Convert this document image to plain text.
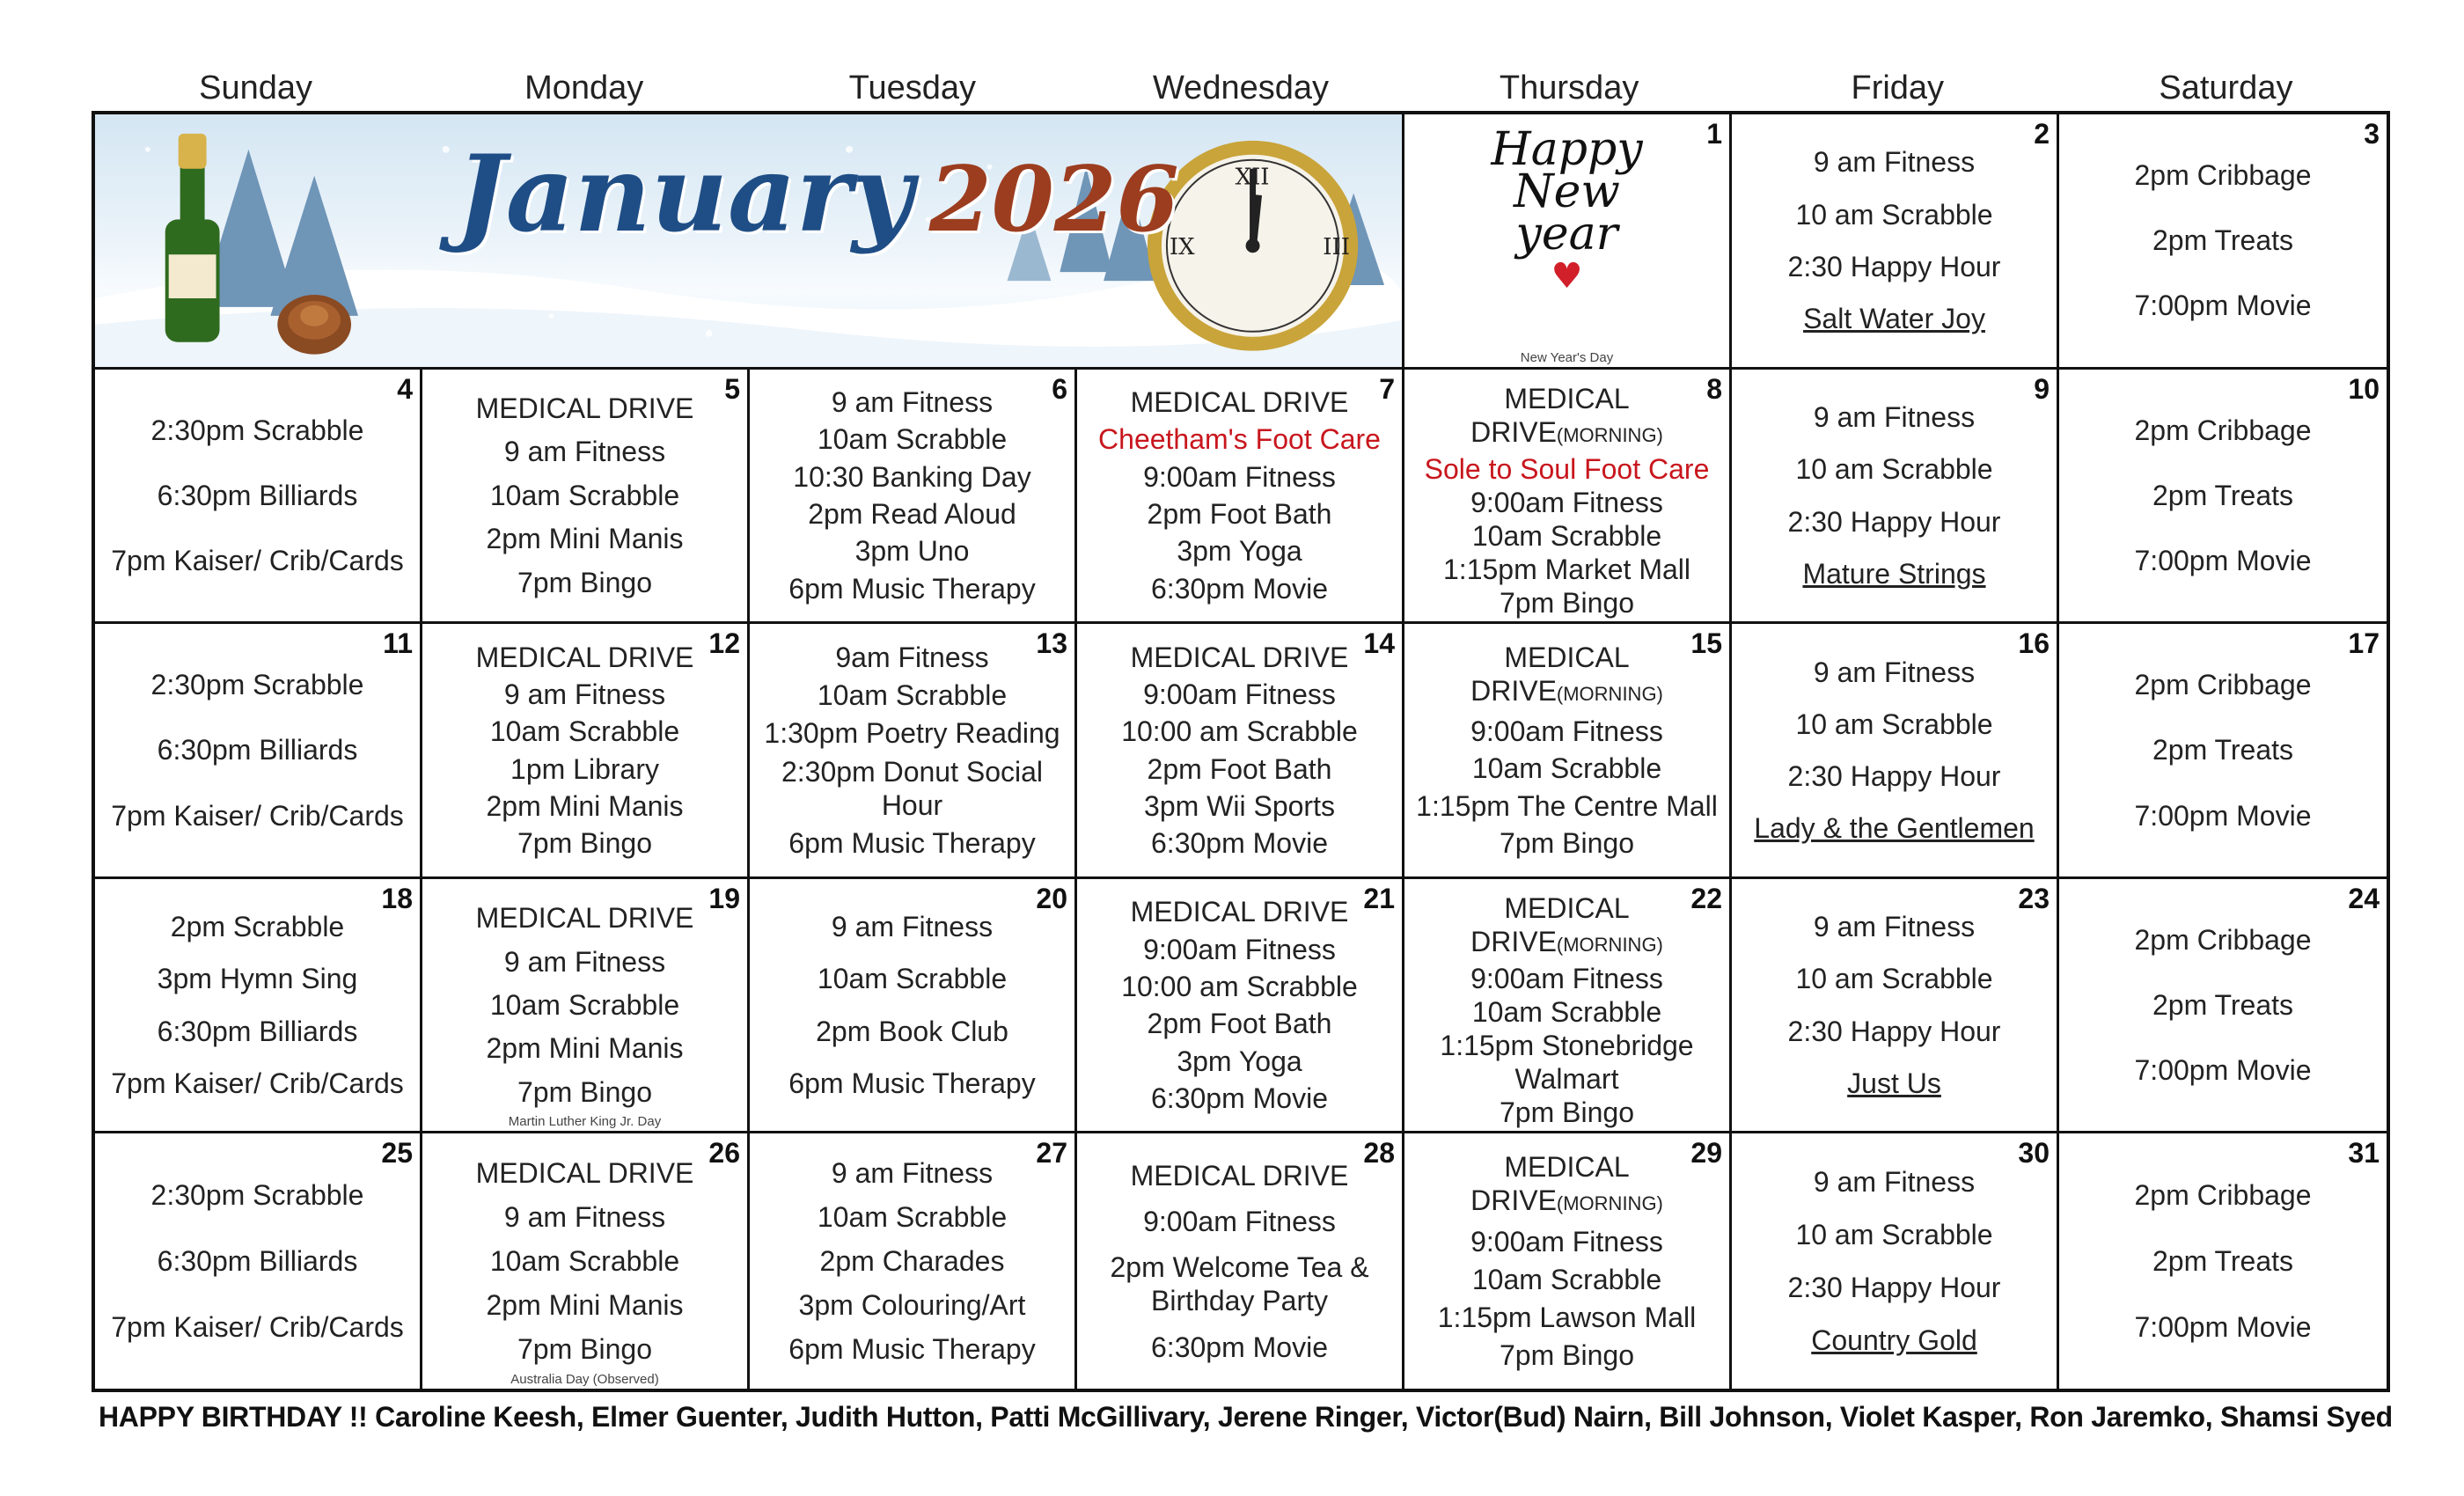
Sunday	Monday	Tuesday	Wednesday	Thursday	Friday	Saturday
XII
III
IX
January 2026
1
Happy
New
year
♥
New Year's Day
2
9 am Fitness
10 am Scrabble
2:30 Happy Hour
Salt Water Joy
3
2pm Cribbage
2pm Treats
7:00pm Movie
4
2:30pm Scrabble
6:30pm Billiards
7pm Kaiser/ Crib/Cards
5
MEDICAL DRIVE
9 am Fitness
10am Scrabble
2pm Mini Manis
7pm Bingo
6
9 am Fitness
10am Scrabble
10:30 Banking Day
2pm Read Aloud
3pm Uno
6pm Music Therapy
7
MEDICAL DRIVE
Cheetham's Foot Care
9:00am Fitness
2pm Foot Bath
3pm Yoga
6:30pm Movie
8
MEDICAL DRIVE(MORNING)
Sole to Soul Foot Care
9:00am Fitness
10am Scrabble
1:15pm Market Mall
7pm Bingo
9
9 am Fitness
10 am Scrabble
2:30 Happy Hour
Mature Strings
10
2pm Cribbage
2pm Treats
7:00pm Movie
11
2:30pm Scrabble
6:30pm Billiards
7pm Kaiser/ Crib/Cards
12
MEDICAL DRIVE
9 am Fitness
10am Scrabble
1pm Library
2pm Mini Manis
7pm Bingo
13
9am Fitness
10am Scrabble
1:30pm Poetry Reading
2:30pm Donut Social Hour
6pm Music Therapy
14
MEDICAL DRIVE
9:00am Fitness
10:00 am Scrabble
2pm Foot Bath
3pm Wii Sports
6:30pm Movie
15
MEDICAL DRIVE(MORNING)
9:00am Fitness
10am Scrabble
1:15pm The Centre Mall
7pm Bingo
16
9 am Fitness
10 am Scrabble
2:30 Happy Hour
Lady & the Gentlemen
17
2pm Cribbage
2pm Treats
7:00pm Movie
18
2pm Scrabble
3pm Hymn Sing
6:30pm Billiards
7pm Kaiser/ Crib/Cards
19
MEDICAL DRIVE
9 am Fitness
10am Scrabble
2pm Mini Manis
7pm Bingo
Martin Luther King Jr. Day
20
9 am Fitness
10am Scrabble
2pm Book Club
6pm Music Therapy
21
MEDICAL DRIVE
9:00am Fitness
10:00 am Scrabble
2pm Foot Bath
3pm Yoga
6:30pm Movie
22
MEDICAL DRIVE(MORNING)
9:00am Fitness
10am Scrabble
1:15pm Stonebridge Walmart
7pm Bingo
23
9 am Fitness
10 am Scrabble
2:30 Happy Hour
Just Us
24
2pm Cribbage
2pm Treats
7:00pm Movie
25
2:30pm Scrabble
6:30pm Billiards
7pm Kaiser/ Crib/Cards
26
MEDICAL DRIVE
9 am Fitness
10am Scrabble
2pm Mini Manis
7pm Bingo
Australia Day (Observed)
27
9 am Fitness
10am Scrabble
2pm Charades
3pm Colouring/Art
6pm Music Therapy
28
MEDICAL DRIVE
9:00am Fitness
2pm Welcome Tea & Birthday Party
6:30pm Movie
29
MEDICAL DRIVE(MORNING)
9:00am Fitness
10am Scrabble
1:15pm Lawson Mall
7pm Bingo
30
9 am Fitness
10 am Scrabble
2:30 Happy Hour
Country Gold
31
2pm Cribbage
2pm Treats
7:00pm Movie
HAPPY BIRTHDAY !! Caroline Keesh, Elmer Guenter, Judith Hutton, Patti McGillivary, Jerene Ringer, Victor(Bud) Nairn, Bill Johnson, Violet Kasper, Ron Jaremko, Shamsi Syed
